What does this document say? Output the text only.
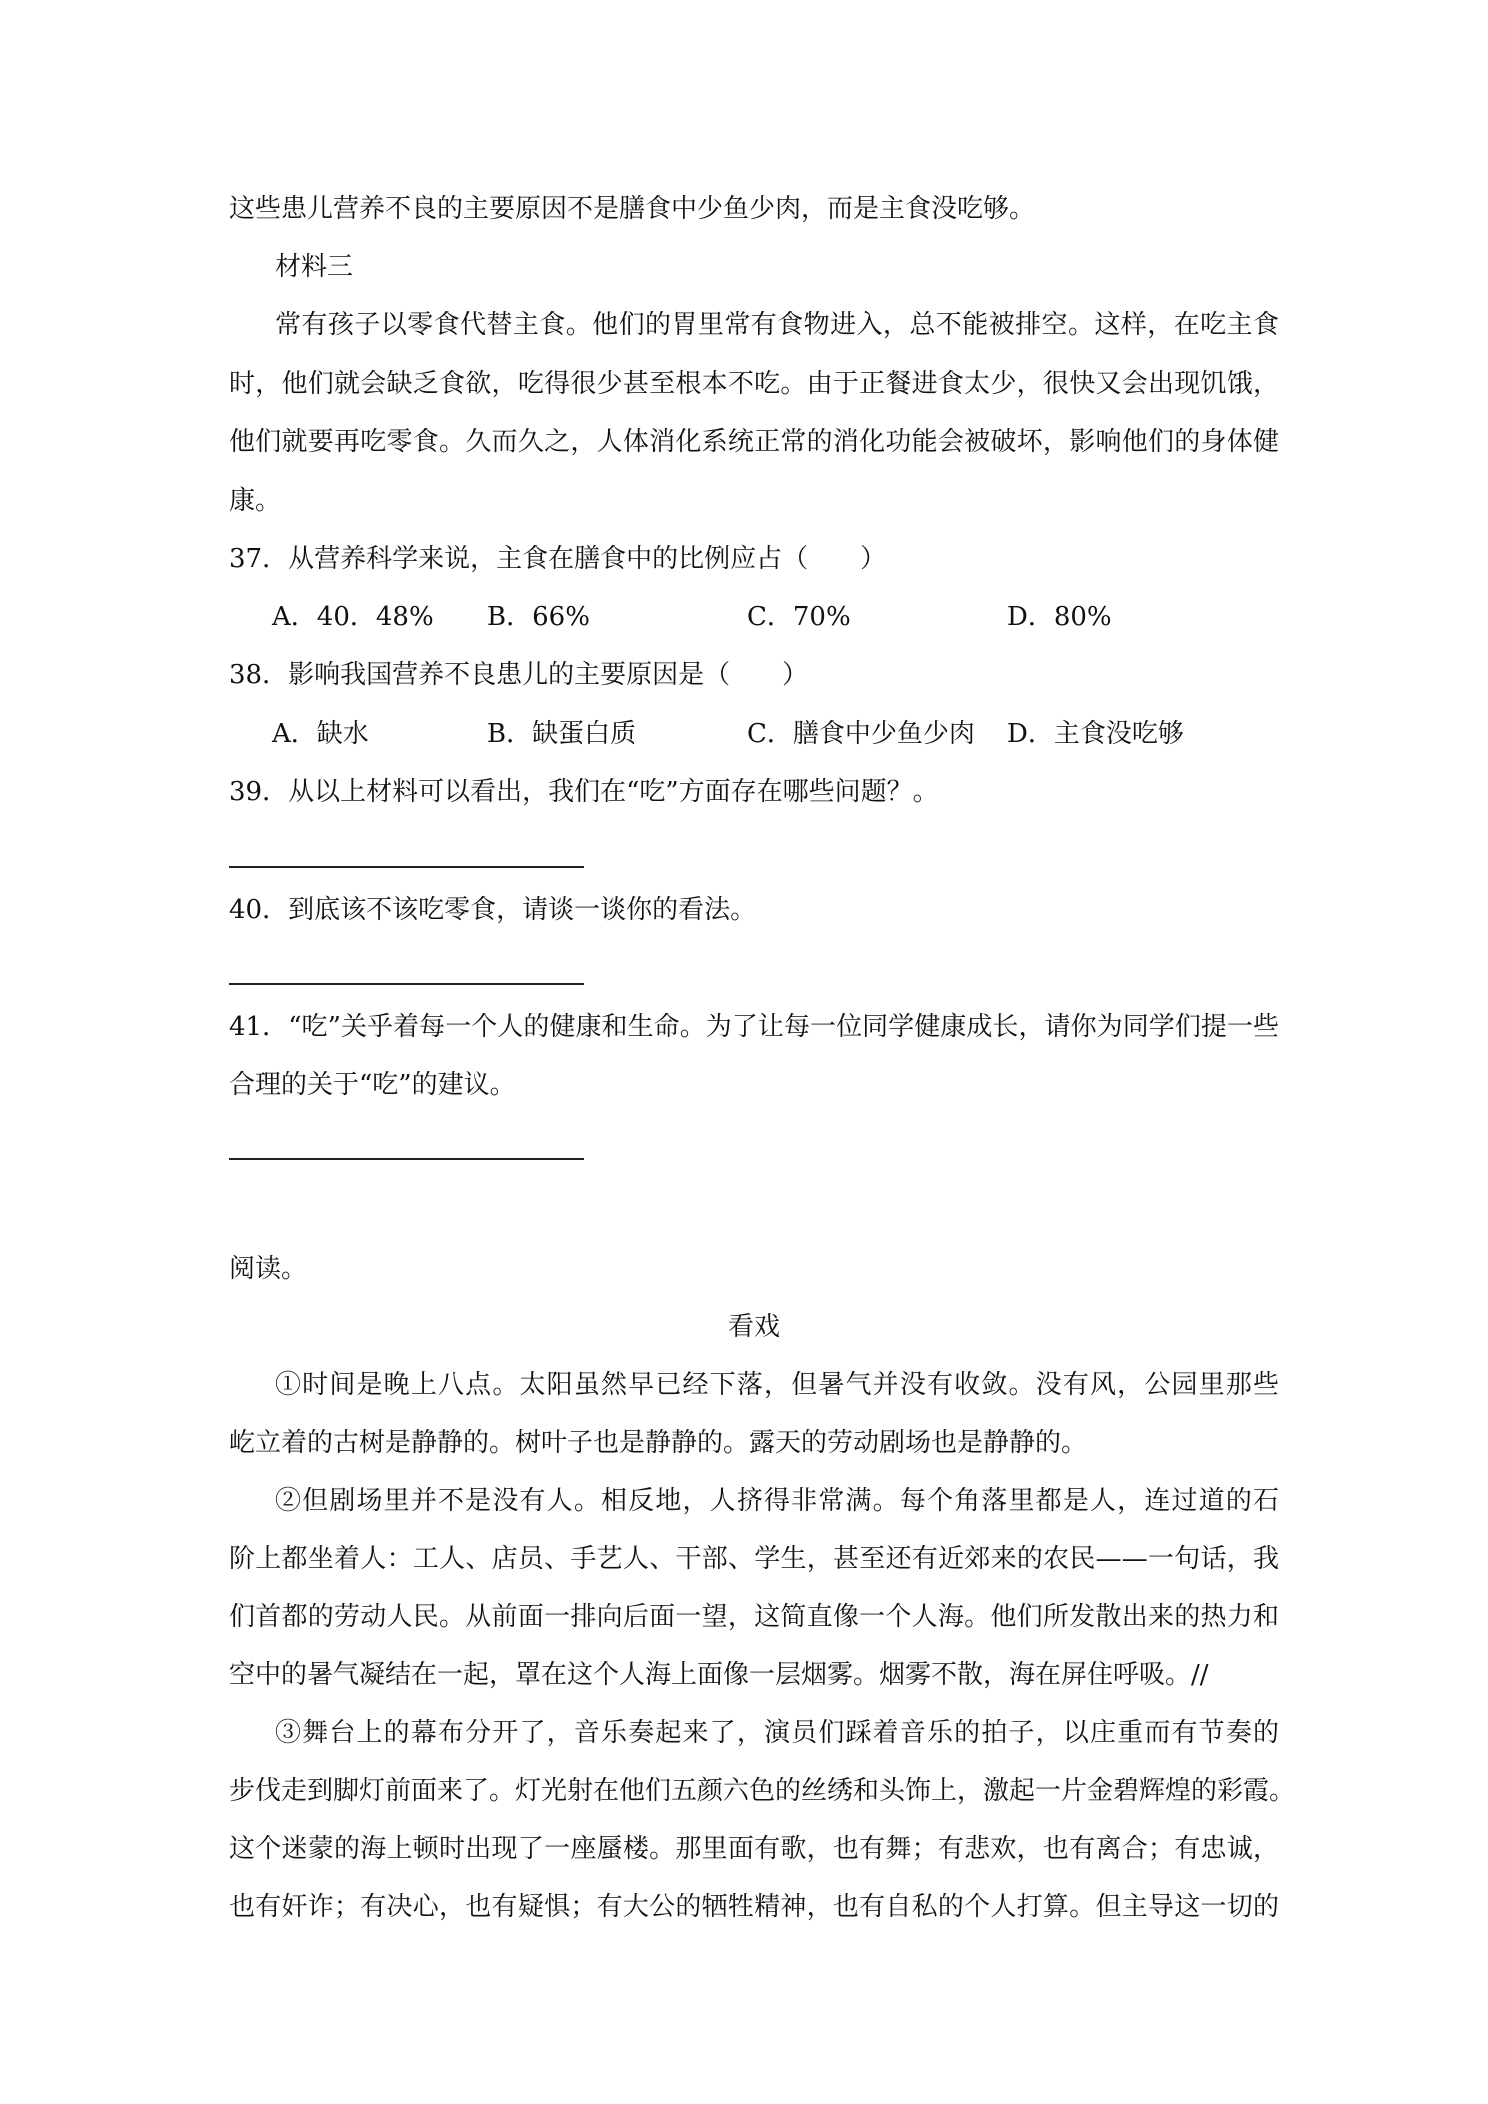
这些患儿营养不良的主要原因不是膳食中少鱼少肉，而是主食没吃够。
材料三
常有孩子以零食代替主食。他们的胃里常有食物进入，总不能被排空。这样，在吃主食
时，他们就会缺乏食欲，吃得很少甚至根本不吃。由于正餐进食太少，很快又会出现饥饿，
他们就要再吃零食。久而久之，人体消化系统正常的消化功能会被破坏，影响他们的身体健
康。
37．从营养科学来说，主食在膳食中的比例应占（　　）
A．40．48% B．66%	C．70%	D．80%
38．影响我国营养不良患儿的主要原因是（　　）
A．缺水	B．缺蛋白质	C．膳食中少鱼少肉 D．主食没吃够
39．从以上材料可以看出，我们在“吃”方面存在哪些问题？。
40．到底该不该吃零食，请谈一谈你的看法。
41．“吃”关乎着每一个人的健康和生命。为了让每一位同学健康成长，请你为同学们提一些
合理的关于“吃”的建议。
阅读。
看戏
①时间是晚上八点。太阳虽然早已经下落，但暑气并没有收敛。没有风，公园里那些
屹立着的古树是静静的。树叶子也是静静的。露天的劳动剧场也是静静的。
②但剧场里并不是没有人。相反地，人挤得非常满。每个角落里都是人，连过道的石
阶上都坐着人：工人、店员、手艺人、干部、学生，甚至还有近郊来的农民——一句话，我
们首都的劳动人民。从前面一排向后面一望，这简直像一个人海。他们所发散出来的热力和
空中的暑气凝结在一起，罩在这个人海上面像一层烟雾。烟雾不散，海在屏住呼吸。//
③舞台上的幕布分开了，音乐奏起来了，演员们踩着音乐的拍子，以庄重而有节奏的
步伐走到脚灯前面来了。灯光射在他们五颜六色的丝绣和头饰上，激起一片金碧辉煌的彩霞。
这个迷蒙的海上顿时出现了一座蜃楼。那里面有歌，也有舞；有悲欢，也有离合；有忠诚，
也有奸诈；有决心，也有疑惧；有大公的牺牲精神，也有自私的个人打算。但主导这一切的
